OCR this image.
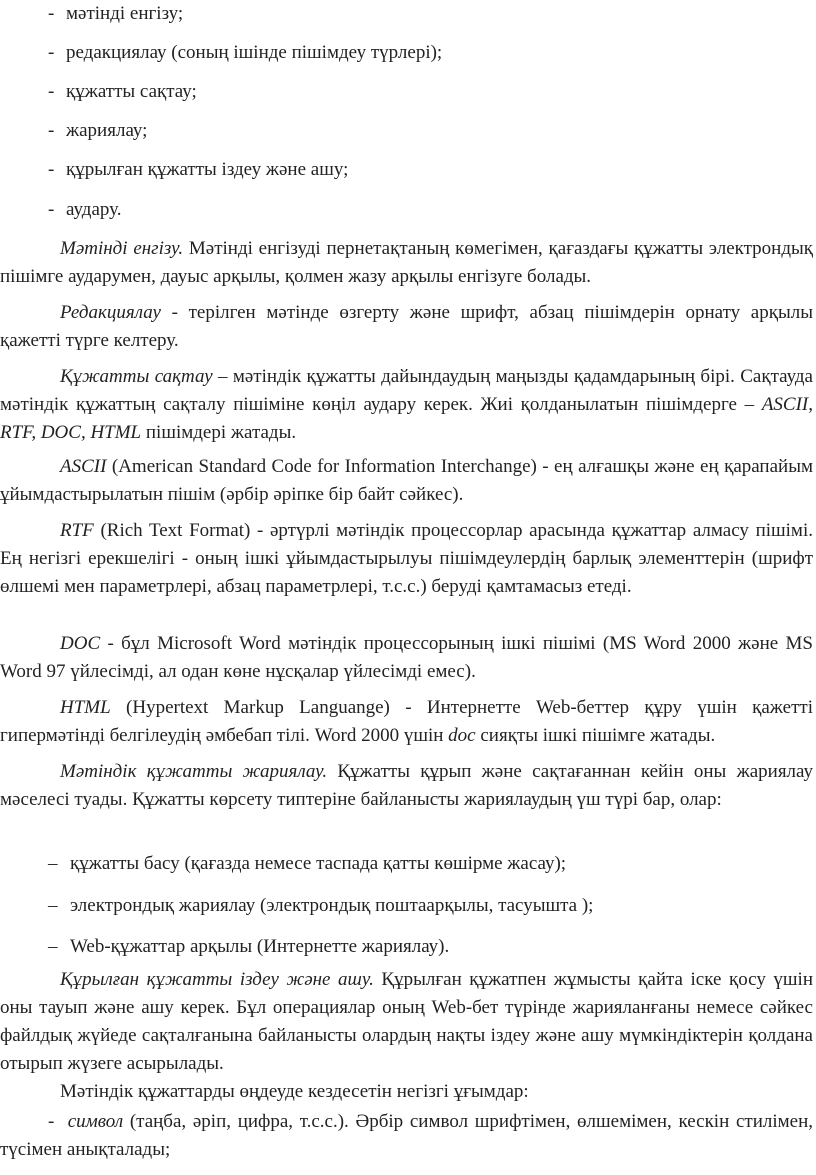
- мәтінді енгізу;
- редакциялау (соның ішінде пішімдеу түрлері);
- құжатты сақтау;
- жариялау;
- құрылған құжатты іздеу және ашу;
- аудару.

Мәтінді енгізу. Мәтінді енгізуді пернетақтаның көмегімен, қағаздағы құжатты электрондық пішімге аударумен, дауыс арқылы, қолмен жазу арқылы енгізуге болады.

Редакциялау - терілген мәтінде өзгерту және шрифт, абзац пішімдерін орнату арқылы қажетті түрге келтеру.

Құжатты сақтау – мәтіндік құжатты дайындаудың маңызды қадамдарының бірі. Сақтауда мәтіндік құжаттың сақталу пішіміне көңіл аудару керек. Жиі қолданылатын пішімдерге – ASCII, RTF, DOC, HTML пішімдері жатады.

ASCII (American Standard Code for Information Interchange) - ең алғашқы және ең қарапайым ұйымдастырылатын пішім (әрбір әріпке бір байт сәйкес).

RTF (Rich Text Format) - әртүрлі мәтіндік процессорлар арасында құжаттар алмасу пішімі. Ең негізгі ерекшелігі - оның ішкі ұйымдастырылуы пішімдеулердің барлық элементтерін (шрифт өлшемі мен параметрлері, абзац параметрлері, т.с.с.) беруді қамтамасыз етеді.

DOC - бұл Microsoft Word мәтіндік процессорының ішкі пішімі (MS Word 2000 және MS Word 97 үйлесімді, ал одан көне нұсқалар үйлесімді емес).

HTML (Hypertext Markup Languange) - Интернетте Web-беттер құру үшін қажетті гипермәтінді белгілеудің әмбебап тілі. Word 2000 үшін doc сияқты ішкі пішімге жатады.

Мәтіндік құжатты жариялау. Құжатты құрып және сақтағаннан кейін оны жариялау мәселесі туады. Құжатты көрсету типтеріне байланысты жариялаудың үш түрі бар, олар:

– құжатты басу (қағазда немесе таспада қатты көшірме жасау);
– электрондық жариялау (электрондық поштаарқылы, тасуышта );
– Web-құжаттар арқылы (Интернетте жариялау).

Құрылған құжатты іздеу және ашу. Құрылған құжатпен жұмысты қайта іске қосу үшін оны тауып және ашу керек. Бұл операциялар оның Web-бет түрінде жарияланғаны немесе сәйкес файлдық жүйеде сақталғанына байланысты олардың нақты іздеу және ашу мүмкіндіктерін қолдана отырып жүзеге асырылады.

Мәтіндік құжаттарды өңдеуде кездесетін негізгі ұғымдар:

- символ (таңба, әріп, цифра, т.с.с.). Әрбір символ шрифтімен, өлшемімен, кескін стилімен, түсімен анықталады;
